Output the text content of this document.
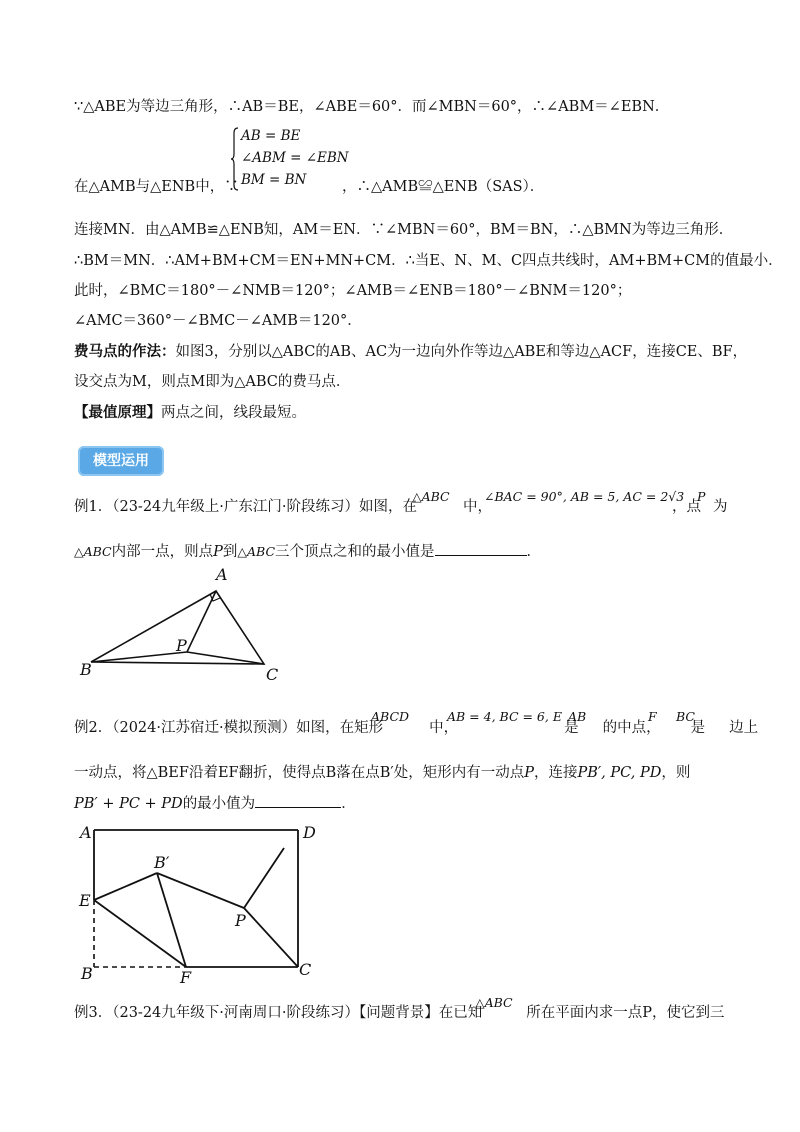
∵△ABE为等边三角形，∴AB＝BE，∠ABE＝60°．而∠MBN＝60°，∴∠ABM＝∠EBN．
AB = BE
∠ABM = ∠EBN
BM = BN
在△AMB与△ENB中，∵	，∴△AMB≌△ENB（SAS）．
连接MN．由△AMB≌△ENB知，AM＝EN．∵∠MBN＝60°，BM＝BN，∴△BMN为等边三角形．
∴BM＝MN．∴AM+BM+CM＝EN+MN+CM．∴当E、N、M、C四点共线时，AM+BM+CM的值最小．
此时，∠BMC＝180°－∠NMB＝120°；∠AMB＝∠ENB＝180°－∠BNM＝120°；
∠AMC＝360°－∠BMC－∠AMB＝120°．
费马点的作法：如图3，分别以△ABC的AB、AC为一边向外作等边△ABE和等边△ACF，连接CE、BF，
设交点为M，则点M即为△ABC的费马点．
【最值原理】两点之间，线段最短。
模型运用
例1．（23-24九年级上·广东江门·阶段练习）如图，在	中，	，点 为
△ABC	∠BAC = 90°, AB = 5, AC = 2√3 P
△ABC内部一点，则点P到△ABC三个顶点之和的最小值是	．
A
B	C
P
例2．（2024·江苏宿迁·模拟预测）如图，在矩形	中，	是 的中点， 是 边上
ABCD	AB = 4, BC = 6, E AB	F BC
一动点，将△BEF沿着EF翻折，使得点B落在点B′处，矩形内有一动点P，连接PB′, PC, PD，则
PB′ + PC + PD的最小值为	．
A	D
E
B′
P
B	F	C
例3．（23-24九年级下·河南周口·阶段练习）【问题背景】在已知	所在平面内求一点P，使它到三
△ABC
